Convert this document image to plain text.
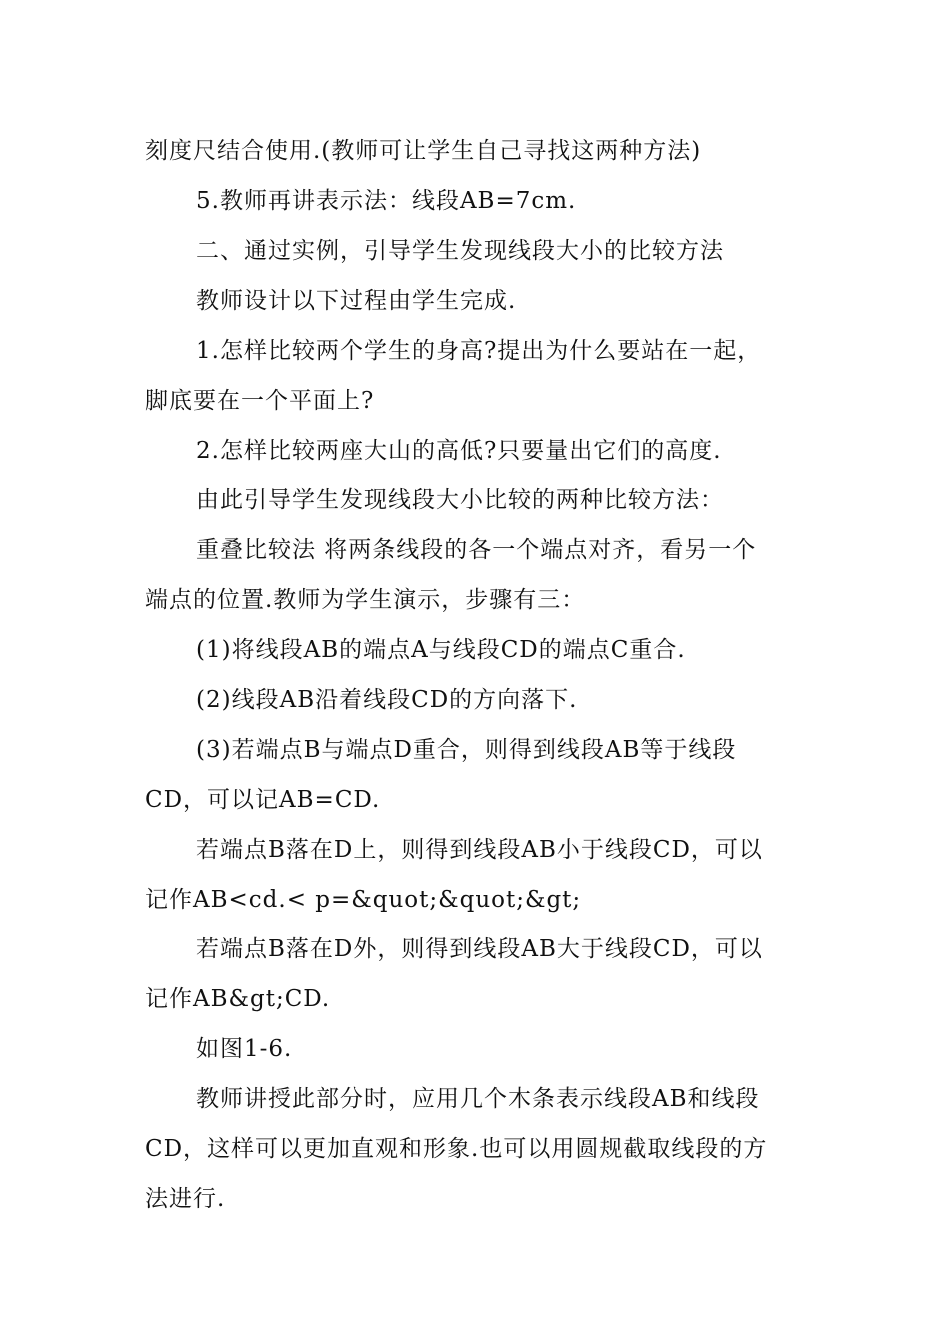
刻度尺结合使用.(教师可让学生自己寻找这两种方法)
5.教师再讲表示法：线段AB=7cm.
二、通过实例，引导学生发现线段大小的比较方法
教师设计以下过程由学生完成.
1.怎样比较两个学生的身高?提出为什么要站在一起，
脚底要在一个平面上?
2.怎样比较两座大山的高低?只要量出它们的高度.
由此引导学生发现线段大小比较的两种比较方法：
重叠比较法 将两条线段的各一个端点对齐，看另一个
端点的位置.教师为学生演示，步骤有三：
(1)将线段AB的端点A与线段CD的端点C重合.
(2)线段AB沿着线段CD的方向落下.
(3)若端点B与端点D重合，则得到线段AB等于线段
CD，可以记AB=CD.
若端点B落在D上，则得到线段AB小于线段CD，可以
记作AB<cd.< p=&quot;&quot;&gt;
若端点B落在D外，则得到线段AB大于线段CD，可以
记作AB&gt;CD.
如图1-6.
教师讲授此部分时，应用几个木条表示线段AB和线段
CD，这样可以更加直观和形象.也可以用圆规截取线段的方
法进行.
